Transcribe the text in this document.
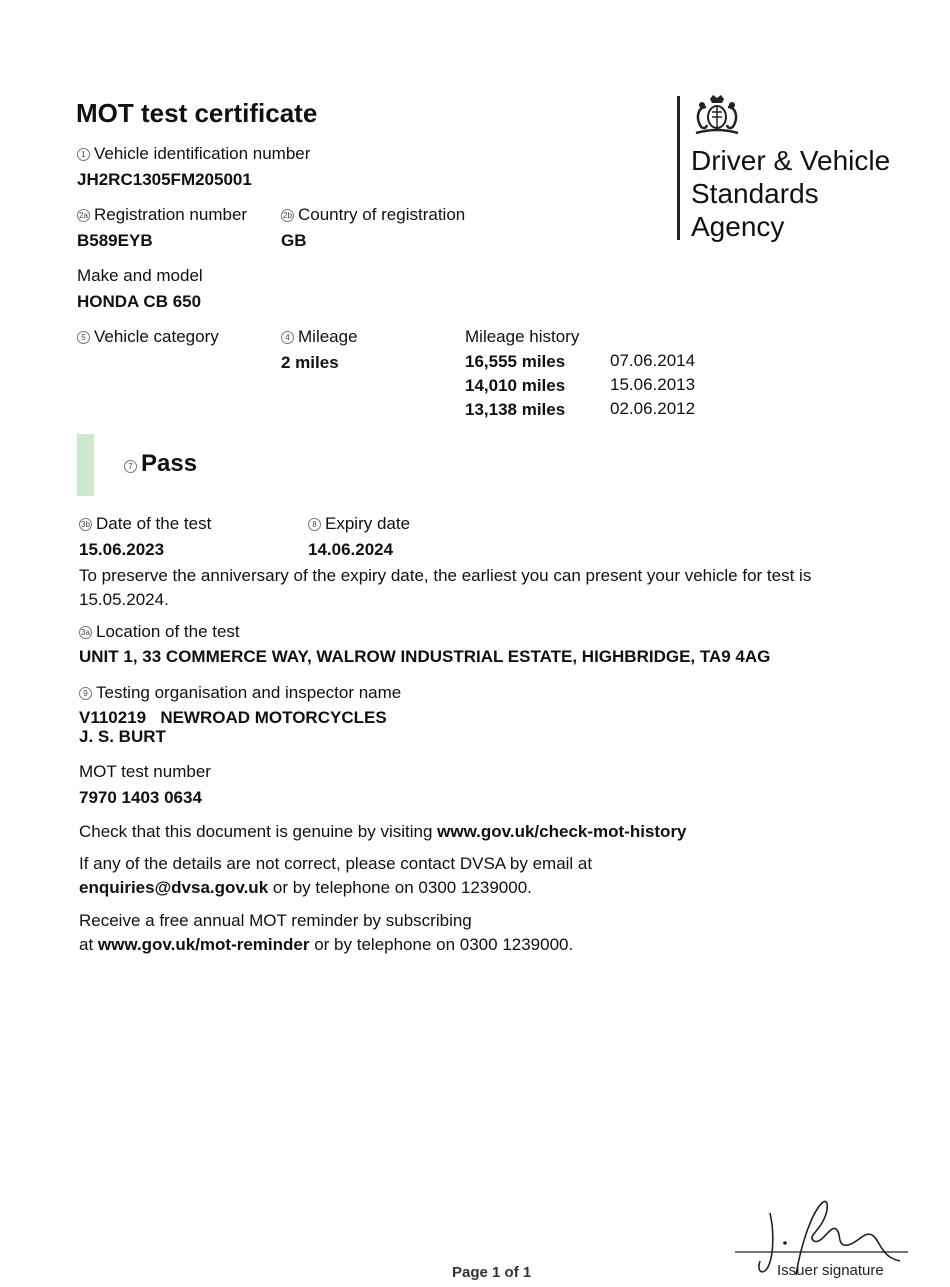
MOT test certificate
Driver & Vehicle
Standards
Agency
1 Vehicle identification number
JH2RC1305FM205001
2a Registration number
B589EYB
2b Country of registration
GB
Make and model
HONDA CB 650
5 Vehicle category	4 Mileage
2 miles
Mileage history
16,555 miles	07.06.2014
14,010 miles	15.06.2013
13,138 miles	02.06.2012
7 Pass
3b Date of the test
15.06.2023
8 Expiry date
14.06.2024
To preserve the anniversary of the expiry date, the earliest you can present your vehicle for test is
15.05.2024.
3a Location of the test
UNIT 1, 33 COMMERCE WAY, WALROW INDUSTRIAL ESTATE, HIGHBRIDGE, TA9 4AG
9 Testing organisation and inspector name
V110219 NEWROAD MOTORCYCLES
J. S. BURT
MOT test number
7970 1403 0634
Check that this document is genuine by visiting www.gov.uk/check-mot-history
If any of the details are not correct, please contact DVSA by email at
enquiries@dvsa.gov.uk or by telephone on 0300 1239000.
Receive a free annual MOT reminder by subscribing
at www.gov.uk/mot-reminder or by telephone on 0300 1239000.
Page 1 of 1	Issuer signature
